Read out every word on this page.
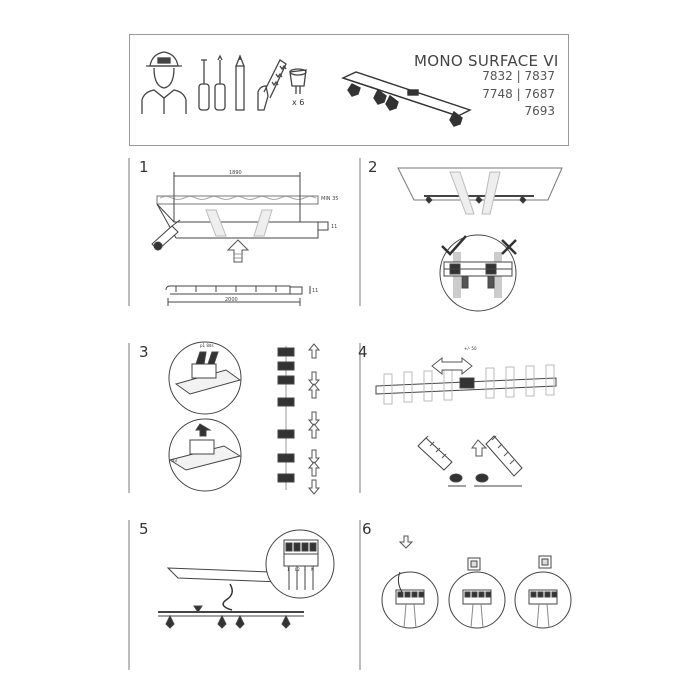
MONO SURFACE VI
7832 | 7837
7748 | 7687
7693
x 6
1	2
3	4
5	6
1890
MIN 35
11
2000
11
p1 8ds
x3
+/- 50
1 L2 ⏚ N
